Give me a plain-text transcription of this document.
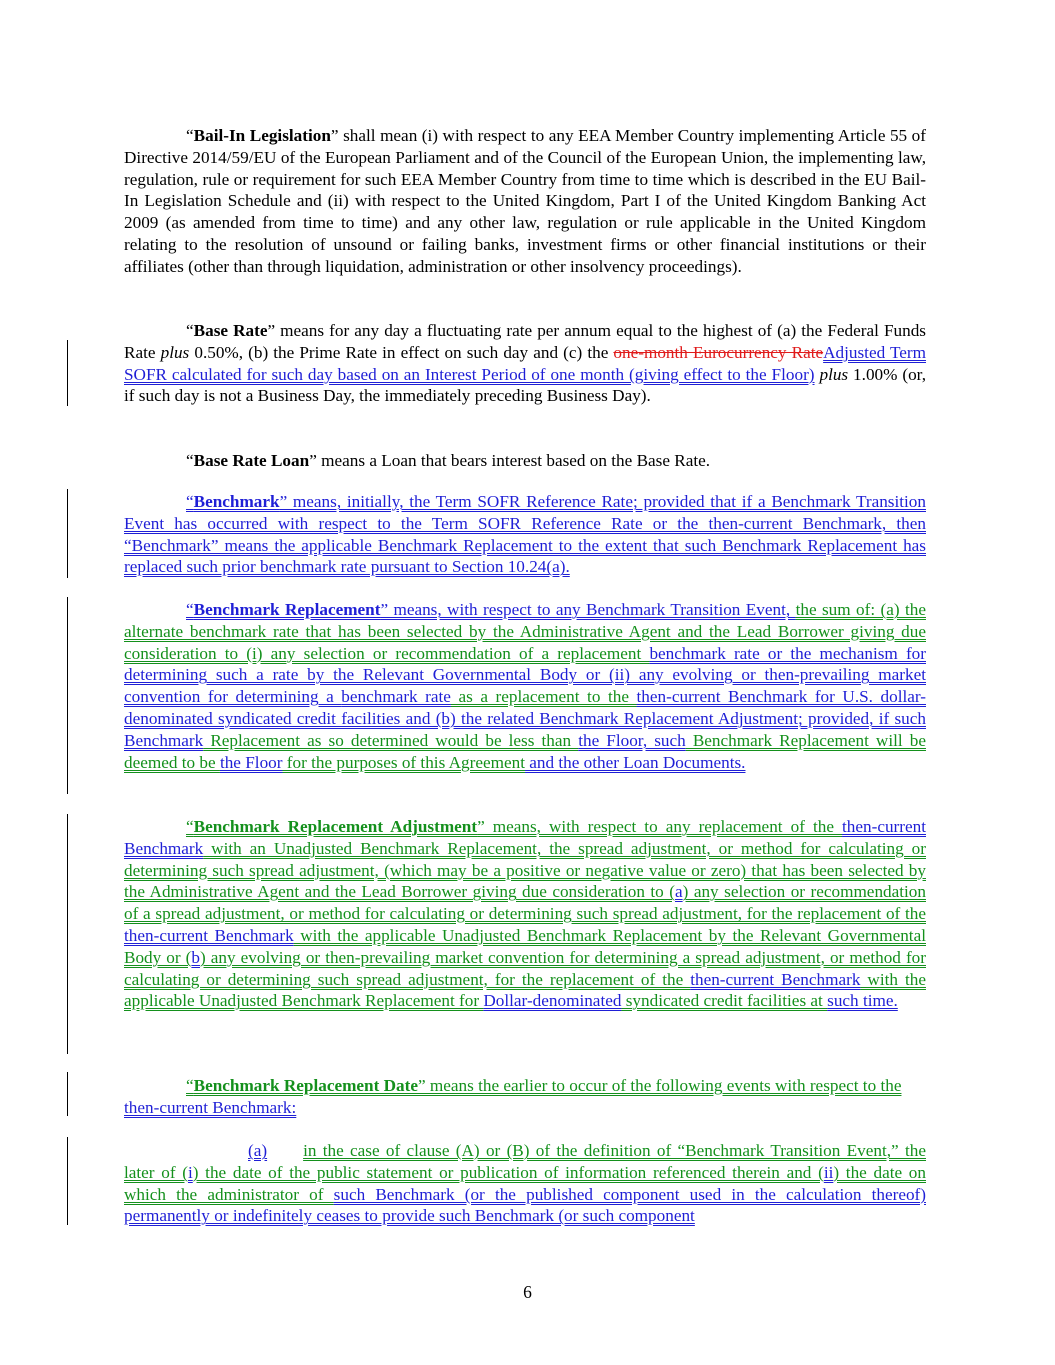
“Bail-In Legislation” shall mean (i) with respect to any EEA Member Country implementing Article 55 of Directive 2014/59/EU of the European Parliament and of the Council of the European Union, the implementing law, regulation, rule or requirement for such EEA Member Country from time to time which is described in the EU Bail-In Legislation Schedule and (ii) with respect to the United Kingdom, Part I of the United Kingdom Banking Act 2009 (as amended from time to time) and any other law, regulation or rule applicable in the United Kingdom relating to the resolution of unsound or failing banks, investment firms or other financial institutions or their affiliates (other than through liquidation, administration or other insolvency proceedings).

“Base Rate” means for any day a fluctuating rate per annum equal to the highest of (a) the Federal Funds Rate plus 0.50%, (b) the Prime Rate in effect on such day and (c) the one-month Eurocurrency RateAdjusted Term SOFR calculated for such day based on an Interest Period of one month (giving effect to the Floor) plus 1.00% (or, if such day is not a Business Day, the immediately preceding Business Day).

“Base Rate Loan” means a Loan that bears interest based on the Base Rate.

“Benchmark” means, initially, the Term SOFR Reference Rate; provided that if a Benchmark Transition Event has occurred with respect to the Term SOFR Reference Rate or the then-current Benchmark, then “Benchmark” means the applicable Benchmark Replacement to the extent that such Benchmark Replacement has replaced such prior benchmark rate pursuant to Section 10.24(a).

“Benchmark Replacement” means, with respect to any Benchmark Transition Event, the sum of: (a) the alternate benchmark rate that has been selected by the Administrative Agent and the Lead Borrower giving due consideration to (i) any selection or recommendation of a replacement benchmark rate or the mechanism for determining such a rate by the Relevant Governmental Body or (ii) any evolving or then-prevailing market convention for determining a benchmark rate as a replacement to the then-current Benchmark for U.S. dollar-denominated syndicated credit facilities and (b) the related Benchmark Replacement Adjustment; provided, if such Benchmark Replacement as so determined would be less than the Floor, such Benchmark Replacement will be deemed to be the Floor for the purposes of this Agreement and the other Loan Documents.

“Benchmark Replacement Adjustment” means, with respect to any replacement of the then-current Benchmark with an Unadjusted Benchmark Replacement, the spread adjustment, or method for calculating or determining such spread adjustment, (which may be a positive or negative value or zero) that has been selected by the Administrative Agent and the Lead Borrower giving due consideration to (a) any selection or recommendation of a spread adjustment, or method for calculating or determining such spread adjustment, for the replacement of the then-current Benchmark with the applicable Unadjusted Benchmark Replacement by the Relevant Governmental Body or (b) any evolving or then-prevailing market convention for determining a spread adjustment, or method for calculating or determining such spread adjustment, for the replacement of the then-current Benchmark with the applicable Unadjusted Benchmark Replacement for Dollar-denominated syndicated credit facilities at such time.

“Benchmark Replacement Date” means the earlier to occur of the following events with respect to the then-current Benchmark:

(a) in the case of clause (A) or (B) of the definition of “Benchmark Transition Event,” the later of (i) the date of the public statement or publication of information referenced therein and (ii) the date on which the administrator of such Benchmark (or the published component used in the calculation thereof) permanently or indefinitely ceases to provide such Benchmark (or such component

6
